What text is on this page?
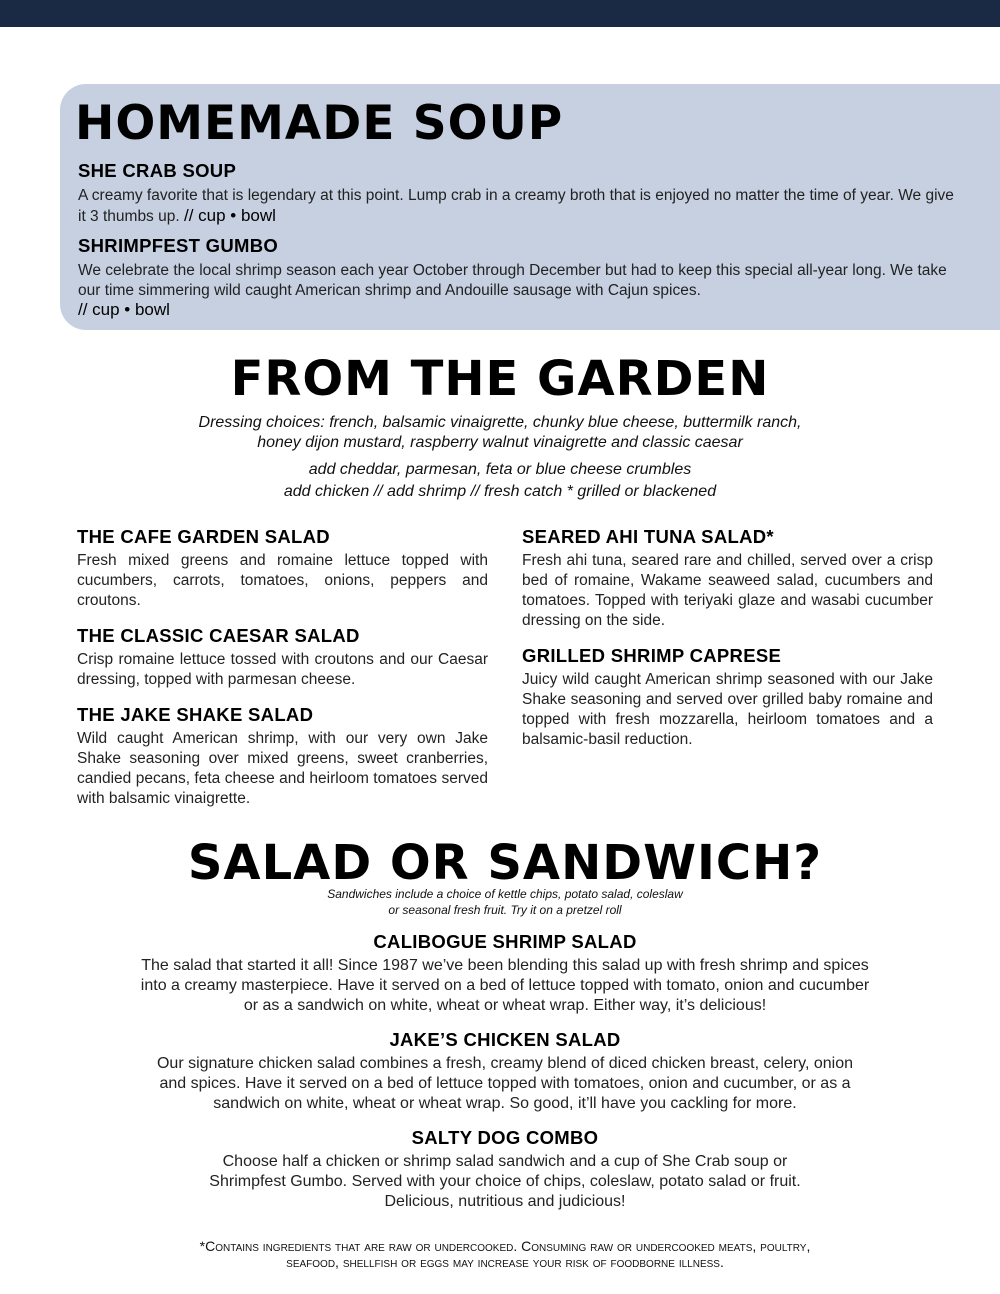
HOMEMADE SOUP
SHE CRAB SOUP
A creamy favorite that is legendary at this point. Lump crab in a creamy broth that is enjoyed no matter the time of year. We give it 3 thumbs up. // cup • bowl
SHRIMPFEST GUMBO
We celebrate the local shrimp season each year October through December but had to keep this special all-year long. We take our time simmering wild caught American shrimp and Andouille sausage with Cajun spices.
// cup • bowl
FROM THE GARDEN
Dressing choices: french, balsamic vinaigrette, chunky blue cheese, buttermilk ranch,
honey dijon mustard, raspberry walnut vinaigrette and classic caesar
add cheddar, parmesan, feta or blue cheese crumbles
add chicken // add shrimp // fresh catch * grilled or blackened
THE CAFE GARDEN SALAD
Fresh mixed greens and romaine lettuce topped with cucumbers, carrots, tomatoes, onions, peppers and croutons.
THE CLASSIC CAESAR SALAD
Crisp romaine lettuce tossed with croutons and our Caesar dressing, topped with parmesan cheese.
THE JAKE SHAKE SALAD
Wild caught American shrimp, with our very own Jake Shake seasoning over mixed greens, sweet cranberries, candied pecans, feta cheese and heirloom tomatoes served with balsamic vinaigrette.
SEARED AHI TUNA SALAD*
Fresh ahi tuna, seared rare and chilled, served over a crisp bed of romaine, Wakame seaweed salad, cucumbers and tomatoes. Topped with teriyaki glaze and wasabi cucumber dressing on the side.
GRILLED SHRIMP CAPRESE
Juicy wild caught American shrimp seasoned with our Jake Shake seasoning and served over grilled baby romaine and topped with fresh mozzarella, heirloom tomatoes and a balsamic-basil reduction.
SALAD OR SANDWICH?
Sandwiches include a choice of kettle chips, potato salad, coleslaw
or seasonal fresh fruit. Try it on a pretzel roll
CALIBOGUE SHRIMP SALAD
The salad that started it all! Since 1987 we’ve been blending this salad up with fresh shrimp and spices
into a creamy masterpiece. Have it served on a bed of lettuce topped with tomato, onion and cucumber
or as a sandwich on white, wheat or wheat wrap. Either way, it’s delicious!
JAKE’S CHICKEN SALAD
Our signature chicken salad combines a fresh, creamy blend of diced chicken breast, celery, onion
and spices. Have it served on a bed of lettuce topped with tomatoes, onion and cucumber, or as a
sandwich on white, wheat or wheat wrap. So good, it’ll have you cackling for more.
SALTY DOG COMBO
Choose half a chicken or shrimp salad sandwich and a cup of She Crab soup or
Shrimpfest Gumbo. Served with your choice of chips, coleslaw, potato salad or fruit.
Delicious, nutritious and judicious!
*Contains ingredients that are raw or undercooked. Consuming raw or undercooked meats, poultry,
seafood, shellfish or eggs may increase your risk of foodborne illness.
